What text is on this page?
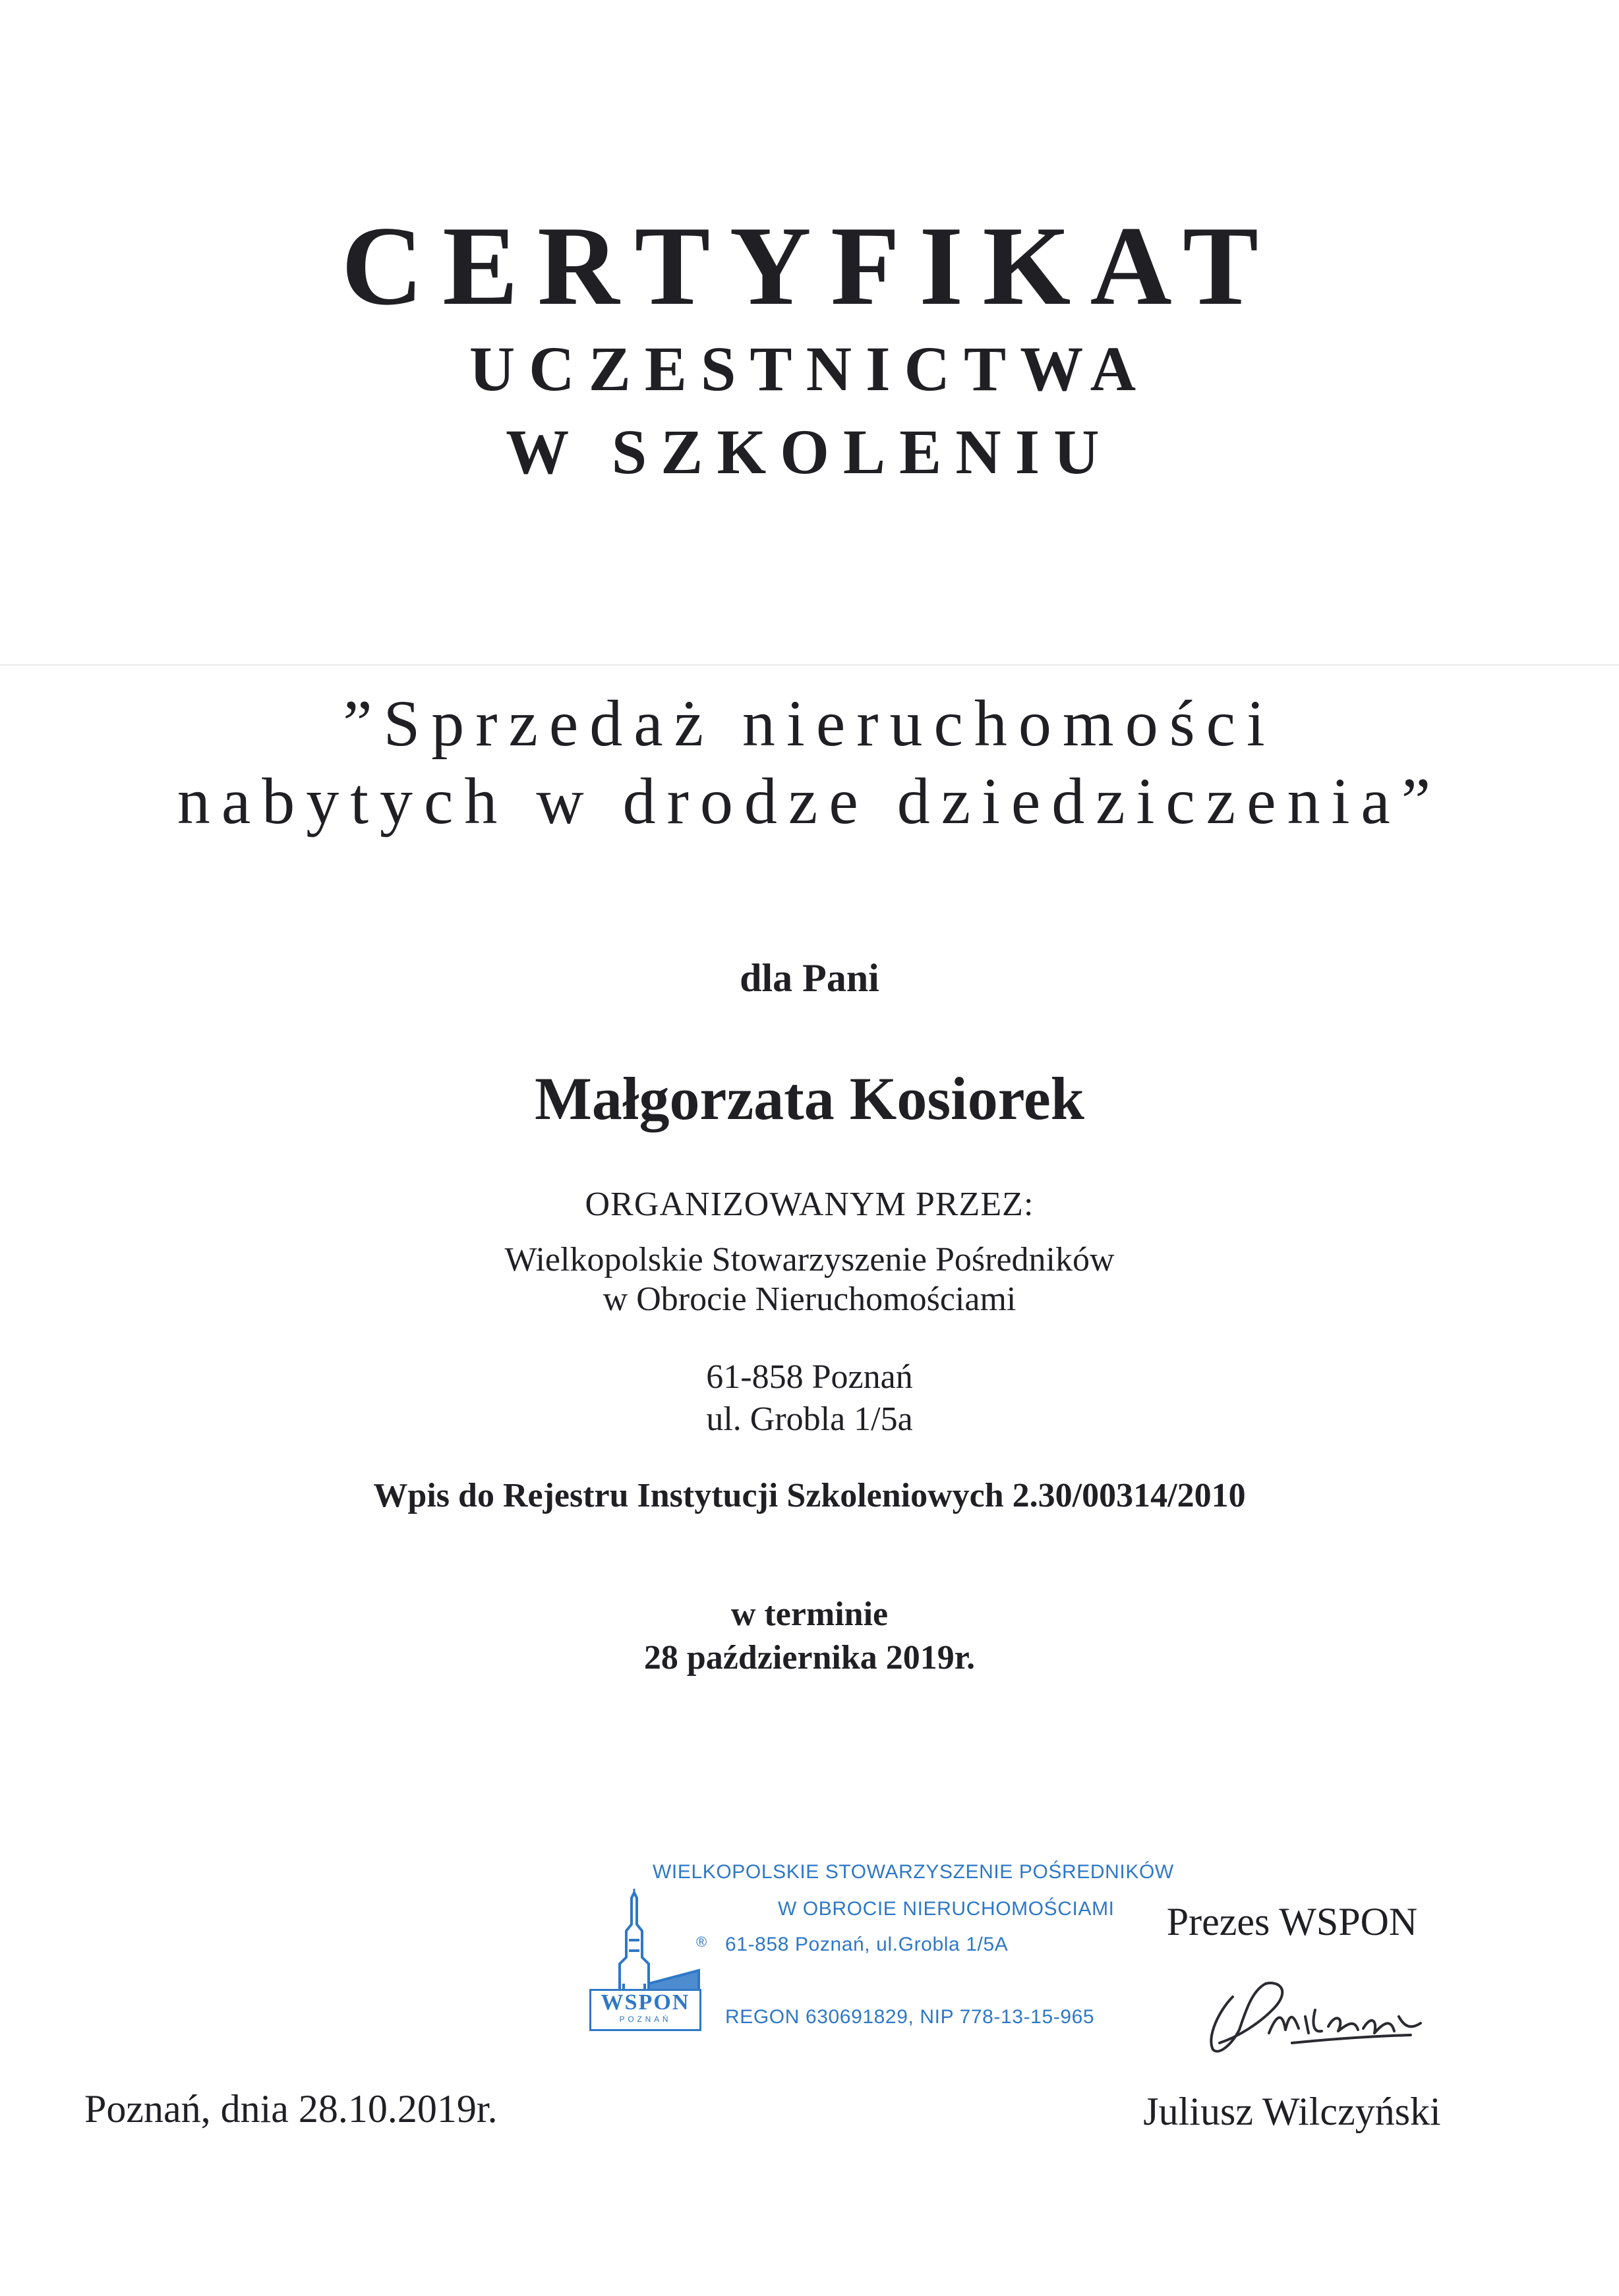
CERTYFIKAT
UCZESTNICTWA
W SZKOLENIU
”Sprzedaż nieruchomości
nabytych w drodze dziedziczenia”
dla Pani
Małgorzata Kosiorek
ORGANIZOWANYM PRZEZ:
Wielkopolskie Stowarzyszenie Pośredników
w Obrocie Nieruchomościami
61-858 Poznań
ul. Grobla 1/5a
Wpis do Rejestru Instytucji Szkoleniowych 2.30/00314/2010
w terminie
28 października 2019r.
WIELKOPOLSKIE STOWARZYSZENIE POŚREDNIKÓW
W OBROCIE NIERUCHOMOŚCIAMI
® 61-858 Poznań, ul.Grobla 1/5A
REGON 630691829, NIP 778-13-15-965
WSPON
POZNAŃ
Prezes WSPON
Juliusz Wilczyński
Poznań, dnia 28.10.2019r.
